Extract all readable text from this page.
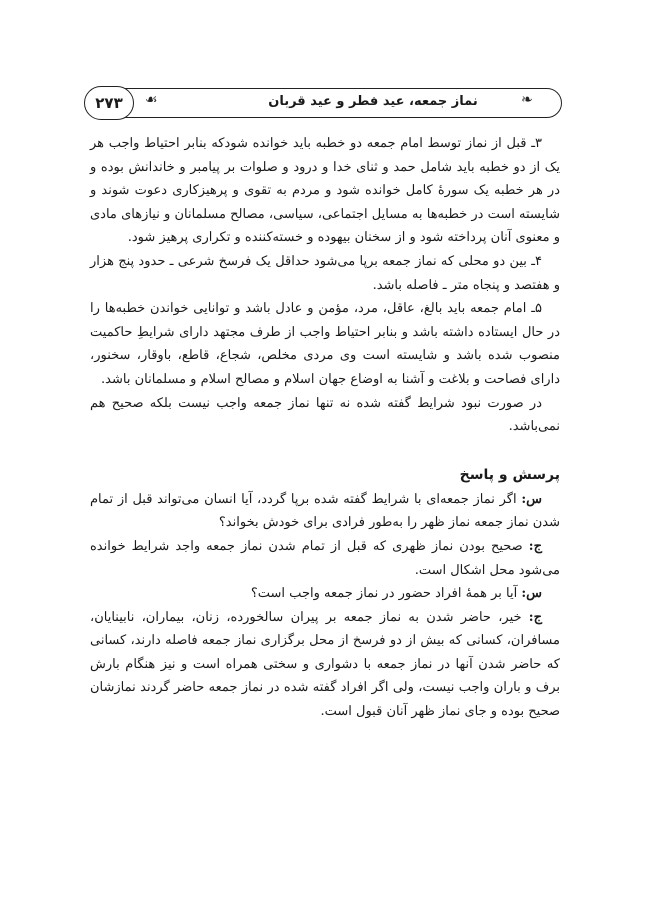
۲۷۳	☙	نماز جمعه، عید فطر و عید قربان	❧

۳ـ قبل از نماز توسط امام جمعه دو خطبه باید خوانده شودکه بنابر احتیاط واجب هر یک از دو خطبه باید شامل حمد و ثنای خدا و درود و صلوات بر پیامبر و خاندانش بوده و در هر خطبه یک سورهٔ کامل خوانده شود و مردم به تقوی و پرهیزکاری دعوت شوند و شایسته است در خطبه‌ها به مسایل اجتماعی، سیاسی، مصالح مسلمانان و نیازهای مادی و معنوی آنان پرداخته شود و از سخنان بیهوده و خسته‌کننده و تکراری پرهیز شود.

۴ـ بین دو محلی که نماز جمعه برپا می‌شود حداقل یک فرسخ شرعی ـ حدود پنج هزار و هفتصد و پنجاه متر ـ فاصله باشد.

۵ـ امام جمعه باید بالغ، عاقل، مرد، مؤمن و عادل باشد و توانایی خواندن خطبه‌ها را در حال ایستاده داشته باشد و بنابر احتیاط واجب از طرف مجتهد دارای شرایطِ حاکمیت منصوب شده باشد و شایسته است وی مردی مخلص، شجاع، قاطع، باوقار، سخنور، دارای فصاحت و بلاغت و آشنا به اوضاع جهان اسلام و مصالح اسلام و مسلمانان باشد.

در صورت نبود شرایط گفته شده نه تنها نماز جمعه واجب نیست بلکه صحیح هم نمی‌باشد.

پرسش و پاسخ

س: اگر نماز جمعه‌ای با شرایط گفته شده برپا گردد، آیا انسان می‌تواند قبل از تمام شدن نماز جمعه نماز ظهر را به‌طور فرادی برای خودش بخواند؟

ج: صحیح بودن نماز ظهری که قبل از تمام شدن نماز جمعه واجد شرایط خوانده می‌شود محل اشکال است.

س: آیا بر همهٔ افراد حضور در نماز جمعه واجب است؟

ج: خیر، حاضر شدن به نماز جمعه بر پیران سالخورده، زنان، بیماران، نابینایان، مسافران، کسانی که بیش از دو فرسخ از محل برگزاری نماز جمعه فاصله دارند، کسانی که حاضر شدن آنها در نماز جمعه با دشواری و سختی همراه است و نیز هنگام بارش برف و باران واجب نیست، ولی اگر افراد گفته شده در نماز جمعه حاضر گردند نمازشان صحیح بوده و جای نماز ظهر آنان قبول است.
